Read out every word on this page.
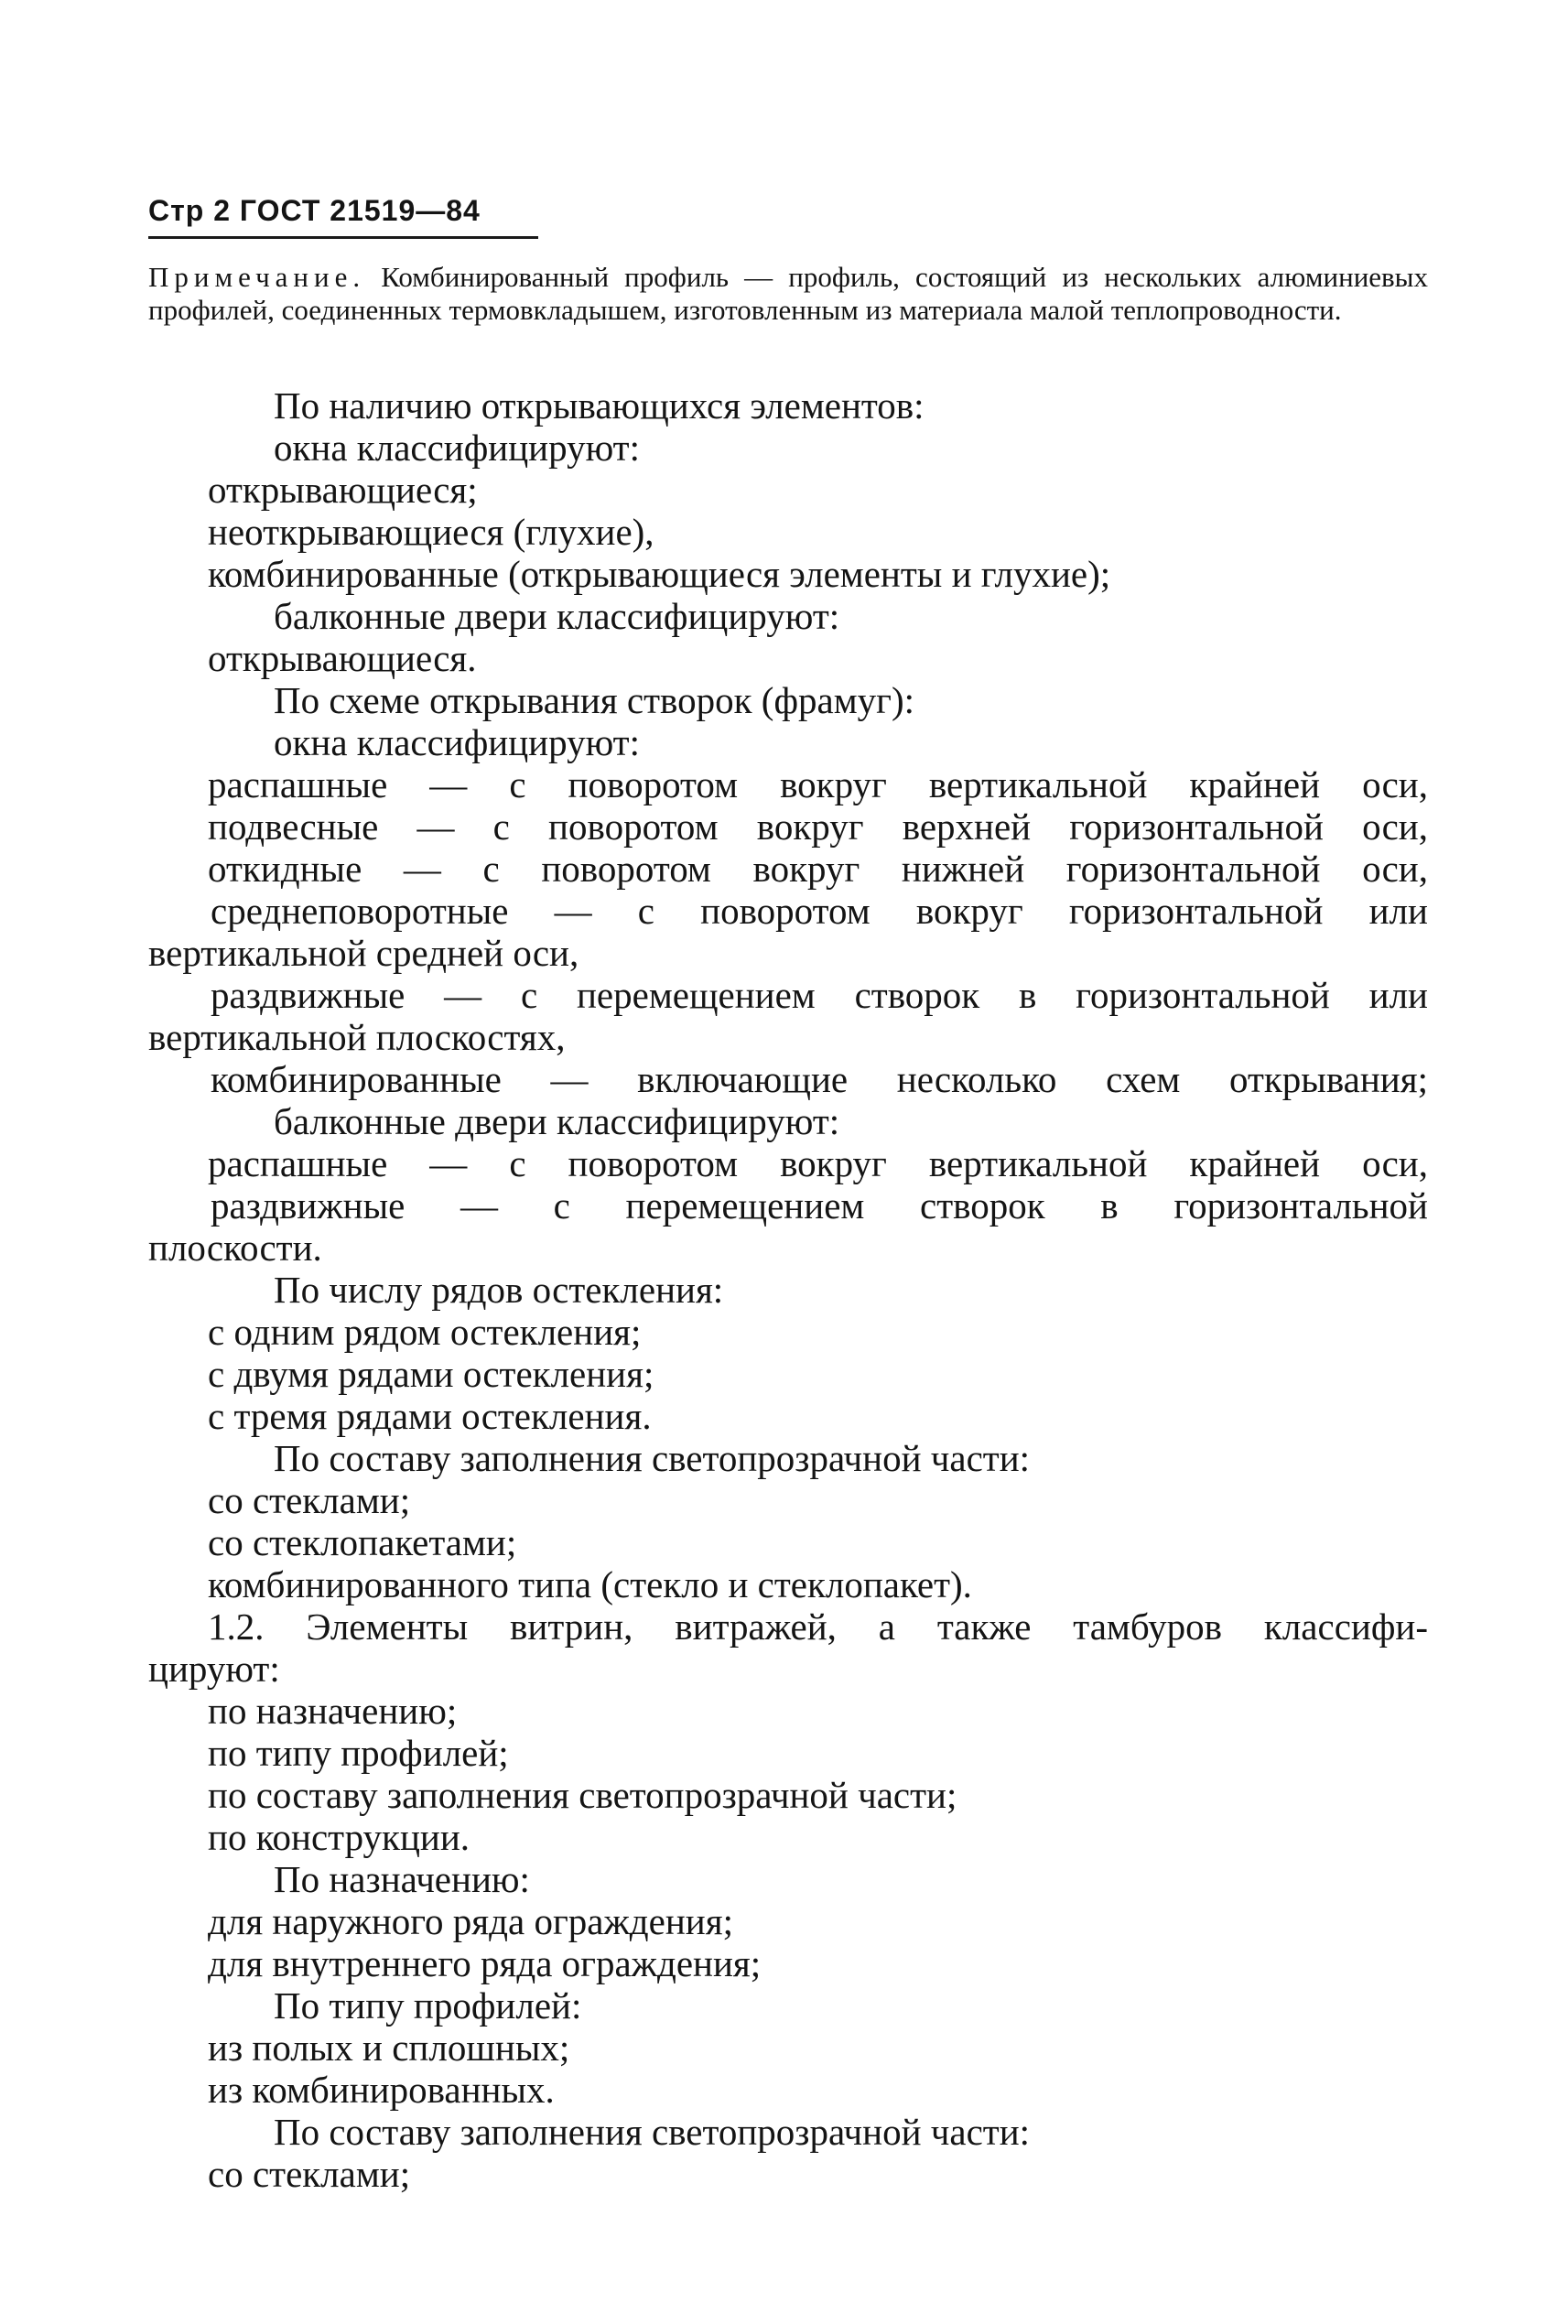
Стр 2 ГОСТ 21519—84
Примечание. Комбинированный профиль — профиль, состоящий из нескольких алюминиевых профилей, соединенных термовкладышем, изготовленным из материала малой теплопроводности.
По наличию открывающихся элементов:
окна классифицируют:
открывающиеся;
неоткрывающиеся (глухие),
комбинированные (открывающиеся элементы и глухие);
балконные двери классифицируют:
открывающиеся.
По схеме открывания створок (фрамуг):
окна классифицируют:
распашные — с поворотом вокруг вертикальной крайней оси,
подвесные — с поворотом вокруг верхней горизонтальной оси,
откидные — с поворотом вокруг нижней горизонтальной оси,
среднеповоротные — с поворотом вокруг горизонтальной или
вертикальной средней оси,
раздвижные — с перемещением створок в горизонтальной или
вертикальной плоскостях,
комбинированные — включающие несколько схем открывания;
балконные двери классифицируют:
распашные — с поворотом вокруг вертикальной крайней оси,
раздвижные — с перемещением створок в горизонтальной
плоскости.
По числу рядов остекления:
с одним рядом остекления;
с двумя рядами остекления;
с тремя рядами остекления.
По составу заполнения светопрозрачной части:
со стеклами;
со стеклопакетами;
комбинированного типа (стекло и стеклопакет).
1.2. Элементы витрин, витражей, а также тамбуров классифи-
цируют:
по назначению;
по типу профилей;
по составу заполнения светопрозрачной части;
по конструкции.
По назначению:
для наружного ряда ограждения;
для внутреннего ряда ограждения;
По типу профилей:
из полых и сплошных;
из комбинированных.
По составу заполнения светопрозрачной части:
со стеклами;
